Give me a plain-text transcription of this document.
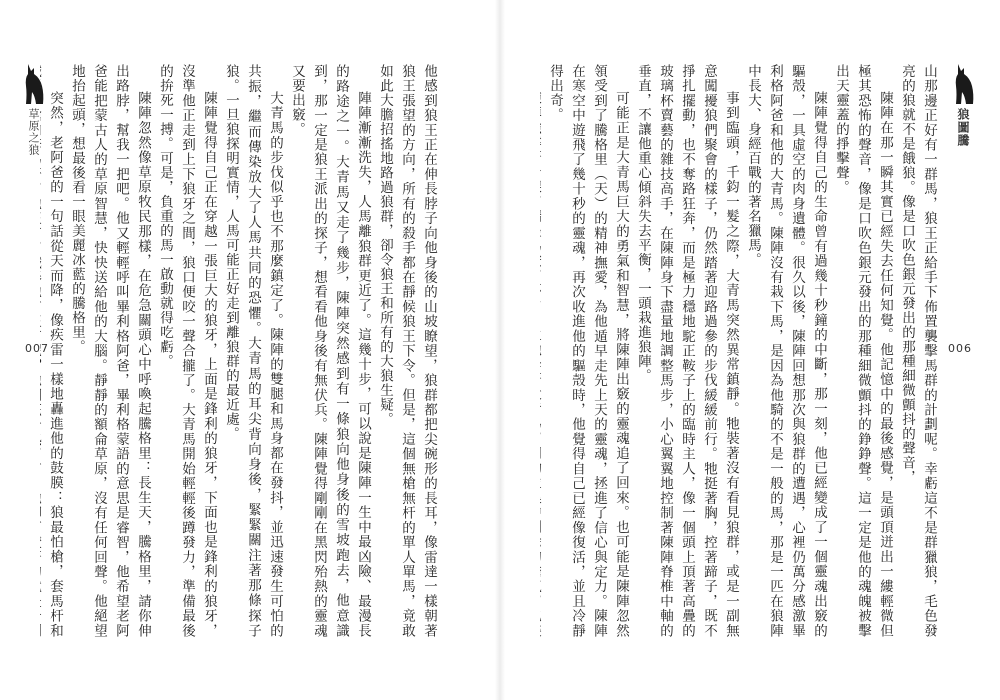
狼圖騰
006

山那邊正好有一群馬，狼王正給手下佈置襲擊馬群的計劃呢。幸虧這不是群獵狼，毛色發亮的狼就不是餓狼。像是口吹色銀元發出的那種細微顫抖的聲音，

陳陣在那一瞬其實已經失去任何知覺。他記憶中的最後感覺，是頭頂迸出一縷輕微但極其恐怖的聲音，像是口吹色銀元發出的那種細微顫抖的錚錚聲。這一定是他的魂魄被擊出天靈蓋的掙擊聲。

陳陣覺得自己的生命曾有過幾十秒鐘的中斷，那一刻，他已經變成了一個靈魂出竅的驅殼，一具虛空的肉身遺體。很久以後，陳陣回想那次與狼群的遭遇，心裡仍萬分感激畢利格阿爸和他的大青馬。陳陣沒有栽下馬，是因為他騎的不是一般的馬，那是一匹在狼陣中長大、身經百戰的著名獵馬。

事到臨頭，千鈞一髮之際，大青馬突然異常鎮靜。牠裝著沒有看見狼群，或是一副無意闖擾狼們聚會的樣子，仍然踏著迎路過參的步伐緩緩前行。牠挺著胸，控著蹄子，既不掙扎擺動，也不奪路狂奔，而是極力穩地駝正鞍子上的臨時主人，像一個頭上頂著高疊的玻璃杯賣藝的雜技高手，在陳陣身下盡量地調整馬步，小心翼翼地控制著陳陣脊椎中軸的垂直，不讓他重心傾斜失去平衡，一頭栽進狼陣。

可能正是大青馬巨大的勇氣和智慧，將陳陣出竅的靈魂追了回來。也可能是陳陣忽然領受到了騰格里（天）的精神撫愛，為他遁早走先上天的靈魂，拯進了信心與定力。陳陣在寒空中遊飛了幾十秒的靈魂，再次收進他的驅殼時，他覺得自己已經像復活，並且冷靜得出奇。

草原之狼
007	他感到狼王正在伸長脖子向他身後的山坡瞭望，狼群都把尖碗形的長耳，像雷達一樣朝著狼王張望的方向，所有的殺手都在靜候狼王下令。但是，這個無槍無杆的單人單馬，竟敢如此大膽招搖地路過狼群，卻令狼王和所有的大狼生疑。

陣陣漸漸洗失，人馬離狼群更近了。這幾十步，可以說是陳陣一生中最凶險、最漫長的路途之一。大青馬又走了幾步，陳陣突然感到有一條狼向他身後的雪坡跑去，他意識到，那一定是狼王派出的探子，想看看他身後有無伏兵。陳陣覺得剛剛在黑閃殆熱的靈魂又要出竅。

大青馬的步伐似乎也不那麼鎮定了。陳陣的雙腿和馬身都在發抖，並迅速發生可怕的共振，繼而傳染放大了人馬共同的恐懼。大青馬的耳尖背向身後，緊緊關注著那條探子狼。一旦狼探明實情，人馬可能正好走到離狼群的最近處。

陳陣覺得自己正在穿越一張巨大的狼牙，上面是鋒利的狼牙，下面也是鋒利的狼牙，沒準他正走到上下狼牙之間，狼口便咬一聲合攏了。大青馬開始輕輕後蹲發力，準備最後的拚死一搏。可是，負重的馬一啟動就得吃虧。

陳陣忽然像草原牧民那樣，在危急關頭心中呼喚起騰格里：長生天，騰格里，請你伸出路脖，幫我一把吧。他又輕輕呼叫畢利格阿爸，畢利格蒙語的意思是睿智，他希望老阿爸能把蒙古人的草原智慧，快快送給他的大腦。靜靜的額侖草原，沒有任何回聲。他絕望地抬起頭，想最後看一眼美麗冰藍的騰格里。

突然，老阿爸的一句話從天而降，像疾雷一樣地轟進他的鼓膜：狼最怕槍，套馬杆和
